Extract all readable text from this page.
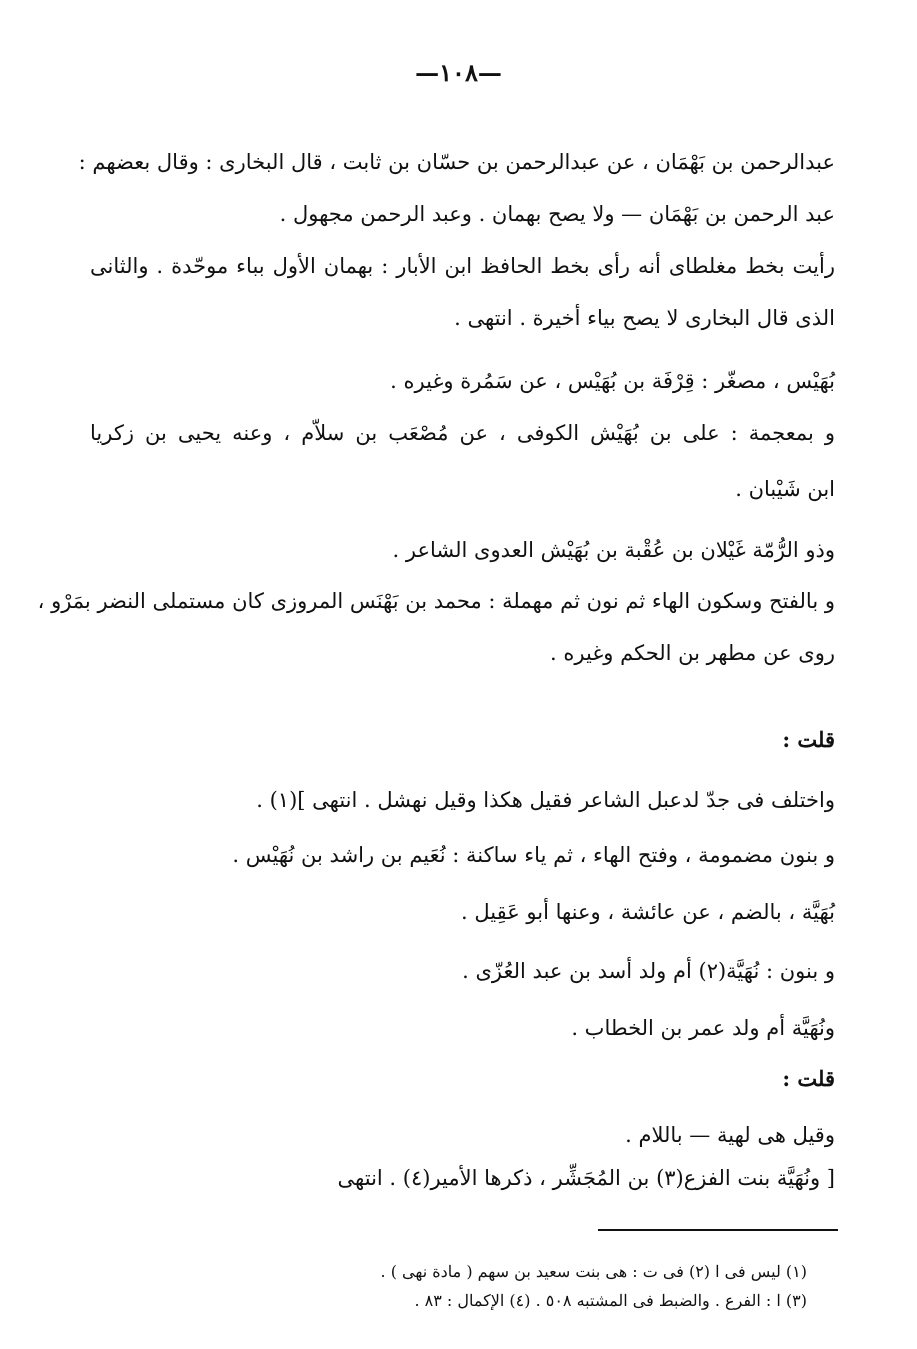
—١٠٨—
عبدالرحمن بن بَهْمَان ، عن عبدالرحمن بن حسّان بن ثابت ، قال البخارى : وقال بعضهم :
عبد الرحمن بن بَهْمَان — ولا يصح بهمان . وعبد الرحمن مجهول .
رأيت بخط مغلطاى أنه رأى بخط الحافظ ابن الأبار : بهمان الأول بباء موحّدة . والثانى
الذى قال البخارى لا يصح بياء أخيرة . انتهى .
بُهَيْس ، مصغّر : قِرْفَة بن بُهَيْس ، عن سَمُرة وغيره .
و بمعجمة : على بن بُهَيْش الكوفى ، عن مُصْعَب بن سلاّم ، وعنه يحيى بن زكريا
ابن شَيْبان .
وذو الرُّمّة غَيْلان بن عُقْبة بن بُهَيْش العدوى الشاعر .
و بالفتح وسكون الهاء ثم نون ثم مهملة : محمد بن بَهْنَس المروزى كان مستملى النضر بمَرْو ،
روى عن مطهر بن الحكم وغيره .
قلت :
واختلف فى جدّ لدعبل الشاعر فقيل هكذا وقيل نهشل . انتهى ](١) .
و بنون مضمومة ، وفتح الهاء ، ثم ياء ساكنة : نُعَيم بن راشد بن نُهَيْس .
بُهَيَّة ، بالضم ، عن عائشة ، وعنها أبو عَقِيل .
و بنون : نُهَيَّة(٢) أم ولد أسد بن عبد العُزّى .
ونُهَيَّة أم ولد عمر بن الخطاب .
قلت :
وقيل هى لهية — باللام .
[ ونُهَيَّة بنت الفزع(٣) بن المُجَشِّر ، ذكرها الأمير(٤) . انتهى
(١) ليس فى ا (٢) فى ت : هى بنت سعيد بن سهم ( مادة نهى ) .
(٣) ا : الفرع . والضبط فى المشتبه ٥٠٨ . (٤) الإكمال : ٨٣ .
